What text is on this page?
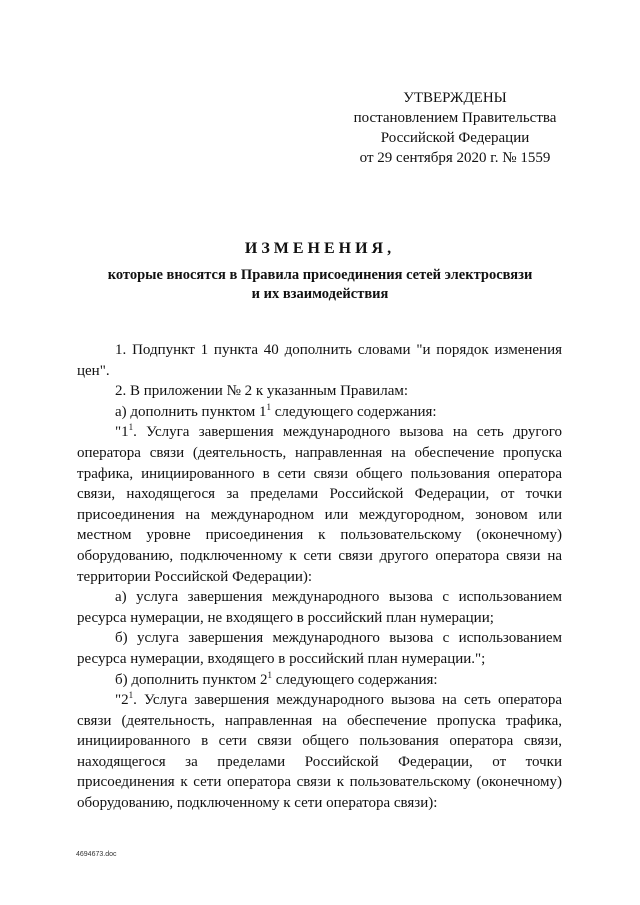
УТВЕРЖДЕНЫ
постановлением Правительства
Российской Федерации
от 29 сентября 2020 г. № 1559
ИЗМЕНЕНИЯ,
которые вносятся в Правила присоединения сетей электросвязи
и их взаимодействия

1. Подпункт 1 пункта 40 дополнить словами "и порядок изменения цен".

2. В приложении № 2 к указанным Правилам:

а) дополнить пунктом $1^1$ следующего содержания:

"$1^1$. Услуга завершения международного вызова на сеть другого оператора связи (деятельность, направленная на обеспечение пропуска трафика, инициированного в сети связи общего пользования оператора связи, находящегося за пределами Российской Федерации, от точки присоединения на международном или междугородном, зоновом или местном уровне присоединения к пользовательскому (оконечному) оборудованию, подключенному к сети связи другого оператора связи на территории Российской Федерации):

а) услуга завершения международного вызова с использованием ресурса нумерации, не входящего в российский план нумерации;

б) услуга завершения международного вызова с использованием ресурса нумерации, входящего в российский план нумерации.";

б) дополнить пунктом $2^1$ следующего содержания:

"$2^1$. Услуга завершения международного вызова на сеть оператора связи (деятельность, направленная на обеспечение пропуска трафика, инициированного в сети связи общего пользования оператора связи, находящегося за пределами Российской Федерации, от точки присоединения к сети оператора связи к пользовательскому (оконечному) оборудованию, подключенному к сети оператора связи):

4694673.doc
